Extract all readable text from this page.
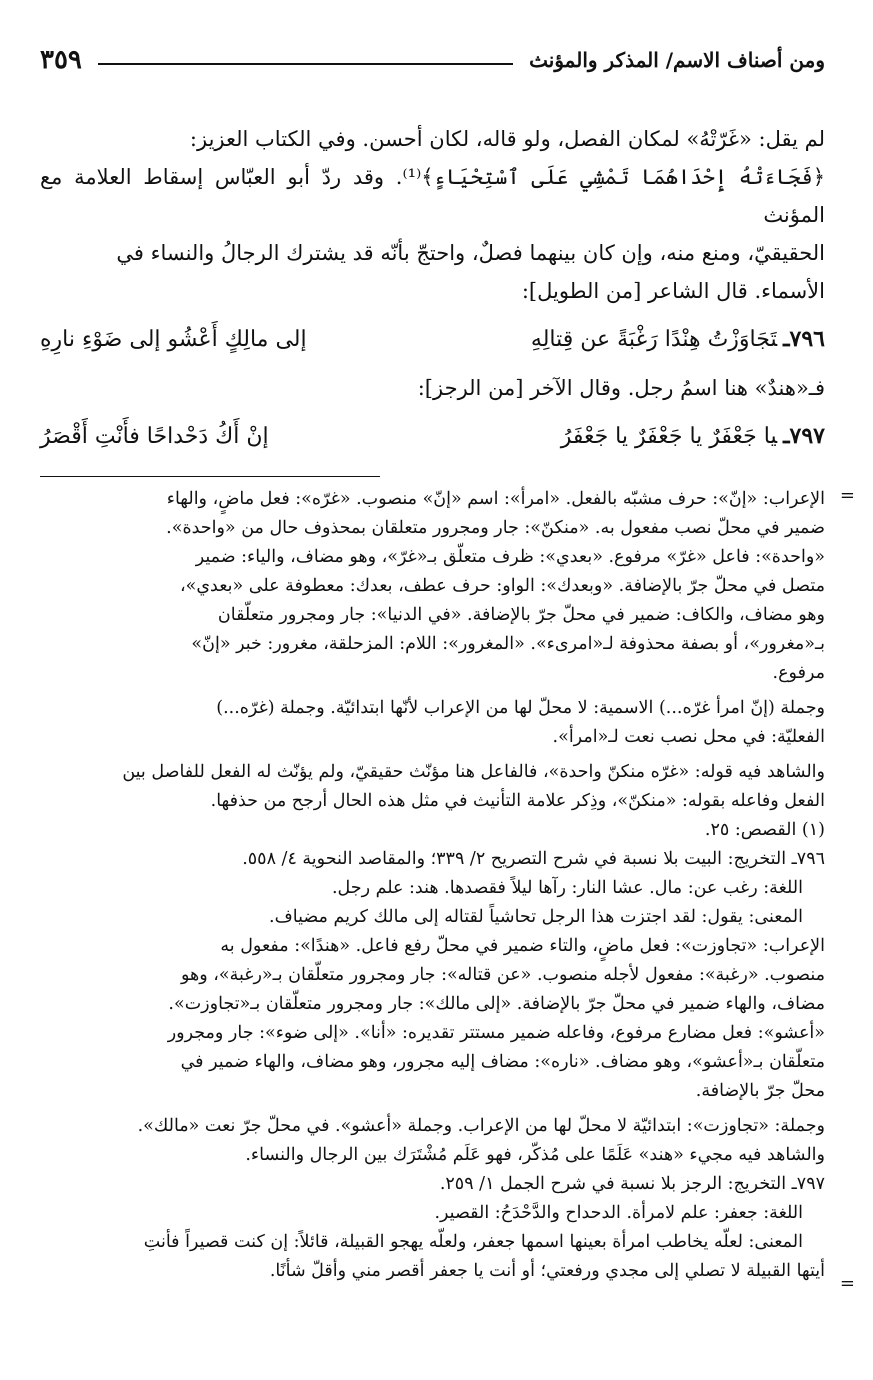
ومن أصناف الاسم/ المذكر والمؤنث
٣٥٩

لم يقل: «غَرّتْهُ» لمكان الفصل، ولو قاله، لكان أحسن. وفي الكتاب العزيز:

﴿فَجَاءَتْهُ إِحْدَاهُمَا تَمْشِي عَلَى ٱسْتِحْيَاءٍ﴾⁽¹⁾. وقد ردّ أبو العبّاس إسقاط العلامة مع المؤنث

الحقيقيّ، ومنع منه، وإن كان بينهما فصلٌ، واحتجّ بأنّه قد يشترك الرجالُ والنساء في

الأسماء. قال الشاعر [من الطويل]:

٧٩٦ـتَجَاوَزْتُ هِنْدًا رَغْبَةً عن قِتالِهِ
إلى مالِكٍ أَعْشُو إلى ضَوْءِ نارِهِ

فـ«هندٌ» هنا اسمُ رجل. وقال الآخر [من الرجز]:

٧٩٧ـيا جَعْفَرٌ يا جَعْفَرٌ يا جَعْفَرُ
إنْ أَكُ دَحْداحًا فأَنْتِ أَقْصَرُ
=

الإعراب: «إنّ»: حرف مشبّه بالفعل. «امرأ»: اسم «إنّ» منصوب. «غرّه»: فعل ماضٍ، والهاء

ضمير في محلّ نصب مفعول به. «منكنّ»: جار ومجرور متعلقان بمحذوف حال من «واحدة».

«واحدة»: فاعل «غرّ» مرفوع. «بعدي»: ظرف متعلّق بـ«غرّ»، وهو مضاف، والياء: ضمير

متصل في محلّ جرّ بالإضافة. «وبعدك»: الواو: حرف عطف، بعدك: معطوفة على «بعدي»،

وهو مضاف، والكاف: ضمير في محلّ جرّ بالإضافة. «في الدنيا»: جار ومجرور متعلّقان

بـ«مغرور»، أو بصفة محذوفة لـ«امرىء». «المغرور»: اللام: المزحلقة، مغرور: خبر «إنّ»

مرفوع.

وجملة (إنّ امرأ غرّه...) الاسمية: لا محلّ لها من الإعراب لأنّها ابتدائيّة. وجملة (غرّه...)

الفعليّة: في محل نصب نعت لـ«امرأ».

والشاهد فيه قوله: «غرّه منكنّ واحدة»، فالفاعل هنا مؤنّث حقيقيّ، ولم يؤنّث له الفعل للفاصل بين

الفعل وفاعله بقوله: «منكنّ»، وذِكر علامة التأنيث في مثل هذه الحال أرجح من حذفها.

(١) القصص: ٢٥.

٧٩٦ـ التخريج: البيت بلا نسبة في شرح التصريح ٢/ ٣٣٩؛ والمقاصد النحوية ٤/ ٥٥٨.

اللغة: رغب عن: مال. عشا النار: رآها ليلاً فقصدها. هند: علم رجل.

المعنى: يقول: لقد اجتزت هذا الرجل تحاشياً لقتاله إلى مالك كريم مضياف.

الإعراب: «تجاوزت»: فعل ماضٍ، والتاء ضمير في محلّ رفع فاعل. «هندًا»: مفعول به

منصوب. «رغبة»: مفعول لأجله منصوب. «عن قتاله»: جار ومجرور متعلّقان بـ«رغبة»، وهو

مضاف، والهاء ضمير في محلّ جرّ بالإضافة. «إلى مالك»: جار ومجرور متعلّقان بـ«تجاوزت».

«أعشو»: فعل مضارع مرفوع، وفاعله ضمير مستتر تقديره: «أنا». «إلى ضوء»: جار ومجرور

متعلّقان بـ«أعشو»، وهو مضاف. «ناره»: مضاف إليه مجرور، وهو مضاف، والهاء ضمير في

محلّ جرّ بالإضافة.

وجملة: «تجاوزت»: ابتدائيّة لا محلّ لها من الإعراب. وجملة «أعشو». في محلّ جرّ نعت «مالك».

والشاهد فيه مجيء «هند» عَلَمًا على مُذكّر، فهو عَلَم مُشْتَرَك بين الرجال والنساء.

٧٩٧ـ التخريج: الرجز بلا نسبة في شرح الجمل ١/ ٢٥٩.

اللغة: جعفر: علم لامرأة. الدحداح والدَّحْدَحُ: القصير.

المعنى: لعلّه يخاطب امرأة بعينها اسمها جعفر، ولعلّه يهجو القبيلة، قائلاً: إن كنت قصيراً فأنتِ

أيتها القبيلة لا تصلي إلى مجدي ورفعتي؛ أو أنت يا جعفر أقصر مني وأقلّ شأنًا.

=
